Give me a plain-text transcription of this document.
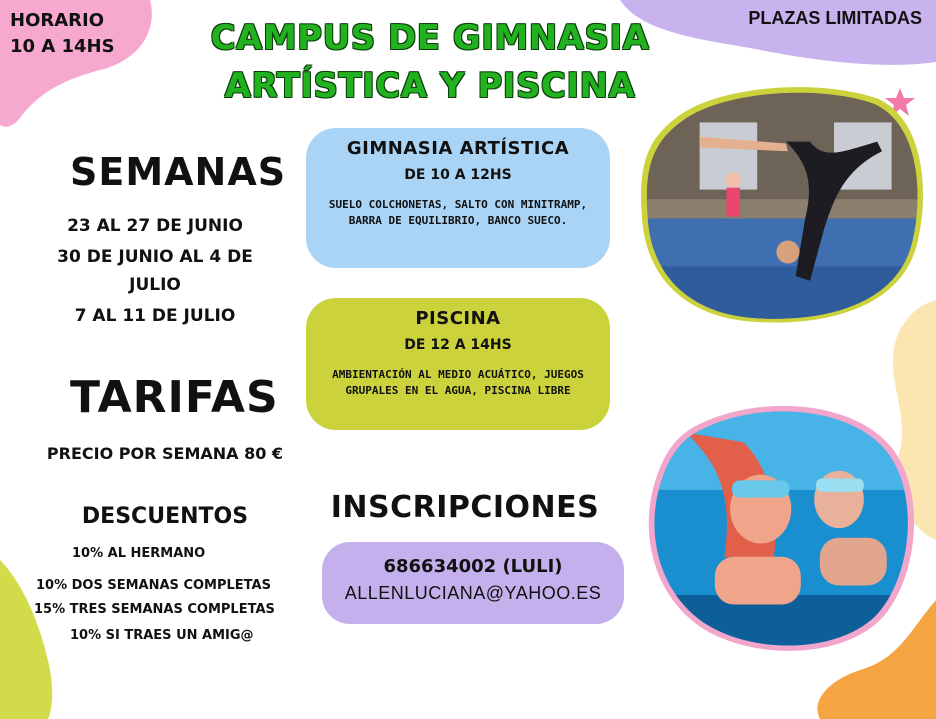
HORARIO
10 A 14HS
PLAZAS LIMITADAS
CAMPUS DE GIMNASIA
ARTÍSTICA Y PISCINA
SEMANAS
23 AL 27 DE JUNIO
30 DE JUNIO AL 4 DE JULIO
7 AL 11 DE JULIO
TARIFAS
PRECIO POR SEMANA 80 €
DESCUENTOS
10% AL HERMANO
10% DOS SEMANAS COMPLETAS
15% TRES SEMANAS COMPLETAS
10% SI TRAES UN AMIG@
GIMNASIA ARTÍSTICA
DE 10 A 12HS
SUELO COLCHONETAS, SALTO CON MINITRAMP, BARRA DE EQUILIBRIO, BANCO SUECO.
PISCINA
DE 12 A 14HS
AMBIENTACIÓN AL MEDIO ACUÁTICO, JUEGOS GRUPALES EN EL AGUA, PISCINA LIBRE
INSCRIPCIONES
686634002 (LULI)
ALLENLUCIANA@YAHOO.ES
